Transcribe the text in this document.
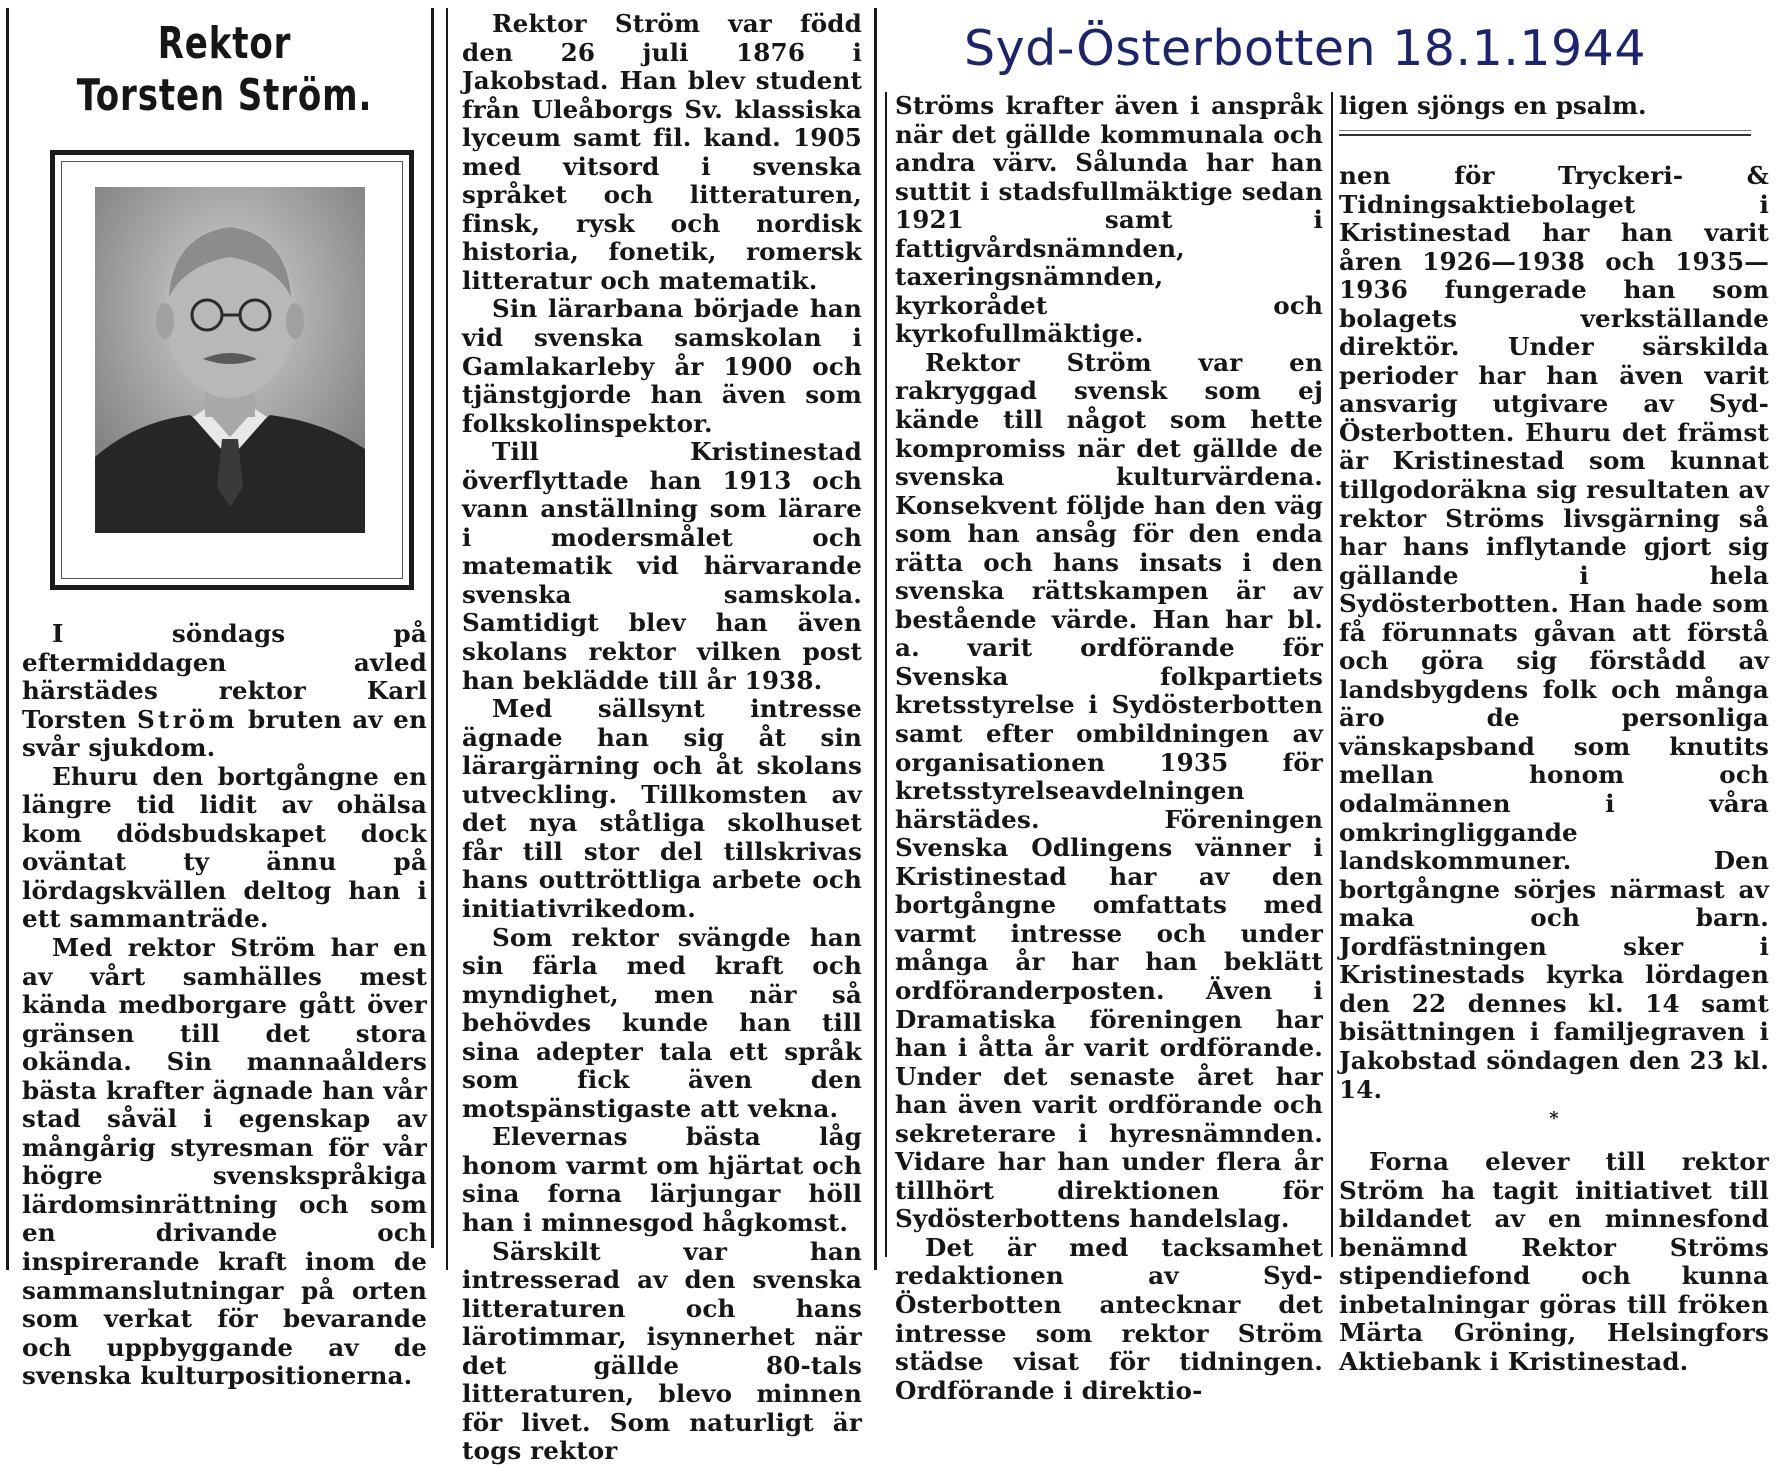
Rektor
Torsten Ström.

I söndags på eftermiddagen avled härstädes rektor Karl Torsten Ström bruten av en svår sjukdom.

Ehuru den bortgångne en längre tid lidit av ohälsa kom dödsbudskapet dock oväntat ty ännu på lördagskvällen deltog han i ett sammanträde.

Med rektor Ström har en av vårt samhälles mest kända medborgare gått över gränsen till det stora okända. Sin mannaålders bästa krafter ägnade han vår stad såväl i egenskap av mångårig styresman för vår högre svenskspråkiga lärdomsinrättning och som en drivande och inspirerande kraft inom de sammanslutningar på orten som verkat för bevarande och uppbyggande av de svenska kulturpositionerna.

Rektor Ström var född den 26 juli 1876 i Jakobstad. Han blev student från Uleåborgs Sv. klassiska lyceum samt fil. kand. 1905 med vitsord i svenska språket och litteraturen, finsk, rysk och nordisk historia, fonetik, romersk litteratur och matematik.

Sin lärarbana började han vid svenska samskolan i Gamlakarleby år 1900 och tjänstgjorde han även som folkskolinspektor.

Till Kristinestad överflyttade han 1913 och vann anställning som lärare i modersmålet och matematik vid härvarande svenska samskola. Samtidigt blev han även skolans rektor vilken post han beklädde till år 1938.

Med sällsynt intresse ägnade han sig åt sin lärargärning och åt skolans utveckling. Tillkomsten av det nya ståtliga skolhuset får till stor del tillskrivas hans outtröttliga arbete och initiativrikedom.

Som rektor svängde han sin färla med kraft och myndighet, men när så behövdes kunde han till sina adepter tala ett språk som fick även den motspänstigaste att vekna.

Elevernas bästa låg honom varmt om hjärtat och sina forna lärjungar höll han i minnesgod hågkomst.

Särskilt var han intresserad av den svenska litteraturen och hans lärotimmar, isynnerhet när det gällde 80-tals litteraturen, blevo minnen för livet. Som naturligt är togs rektor

Ströms krafter även i anspråk när det gällde kommunala och andra värv. Sålunda har han suttit i stadsfullmäktige sedan 1921 samt i fattigvårdsnämnden, taxeringsnämnden, kyrkorådet och kyrkofullmäktige.

Rektor Ström var en rakryggad svensk som ej kände till något som hette kompromiss när det gällde de svenska kulturvärdena. Konsekvent följde han den väg som han ansåg för den enda rätta och hans insats i den svenska rättskampen är av bestående värde. Han har bl. a. varit ordförande för Svenska folkpartiets kretsstyrelse i Sydösterbotten samt efter ombildningen av organisationen 1935 för kretsstyrelseavdelningen härstädes. Föreningen Svenska Odlingens vänner i Kristinestad har av den bortgångne omfattats med varmt intresse och under många år har han beklätt ordföranderposten. Även i Dramatiska föreningen har han i åtta år varit ordförande. Under det senaste året har han även varit ordförande och sekreterare i hyresnämnden. Vidare har han under flera år tillhört direktionen för Sydösterbottens handelslag.

Det är med tacksamhet redaktionen av Syd-Österbotten antecknar det intresse som rektor Ström städse visat för tidningen. Ordförande i direktio-

ligen sjöngs en psalm.

nen för Tryckeri- & Tidningsaktiebolaget i Kristinestad har han varit åren 1926—1938 och 1935—1936 fungerade han som bolagets verkställande direktör. Under särskilda perioder har han även varit ansvarig utgivare av Syd-Österbotten. Ehuru det främst är Kristinestad som kunnat tillgodoräkna sig resultaten av rektor Ströms livsgärning så har hans inflytande gjort sig gällande i hela Sydösterbotten. Han hade som få förunnats gåvan att förstå och göra sig förstådd av landsbygdens folk och många äro de personliga vänskapsband som knutits mellan honom och odalmännen i våra omkringliggande landskommuner. Den bortgångne sörjes närmast av maka och barn. Jordfästningen sker i Kristinestads kyrka lördagen den 22 dennes kl. 14 samt bisättningen i familjegraven i Jakobstad söndagen den 23 kl. 14.

*

Forna elever till rektor Ström ha tagit initiativet till bildandet av en minnesfond benämnd Rektor Ströms stipendiefond och kunna inbetalningar göras till fröken Märta Gröning, Helsingfors Aktiebank i Kristinestad.

Syd-Österbotten 18.1.1944
